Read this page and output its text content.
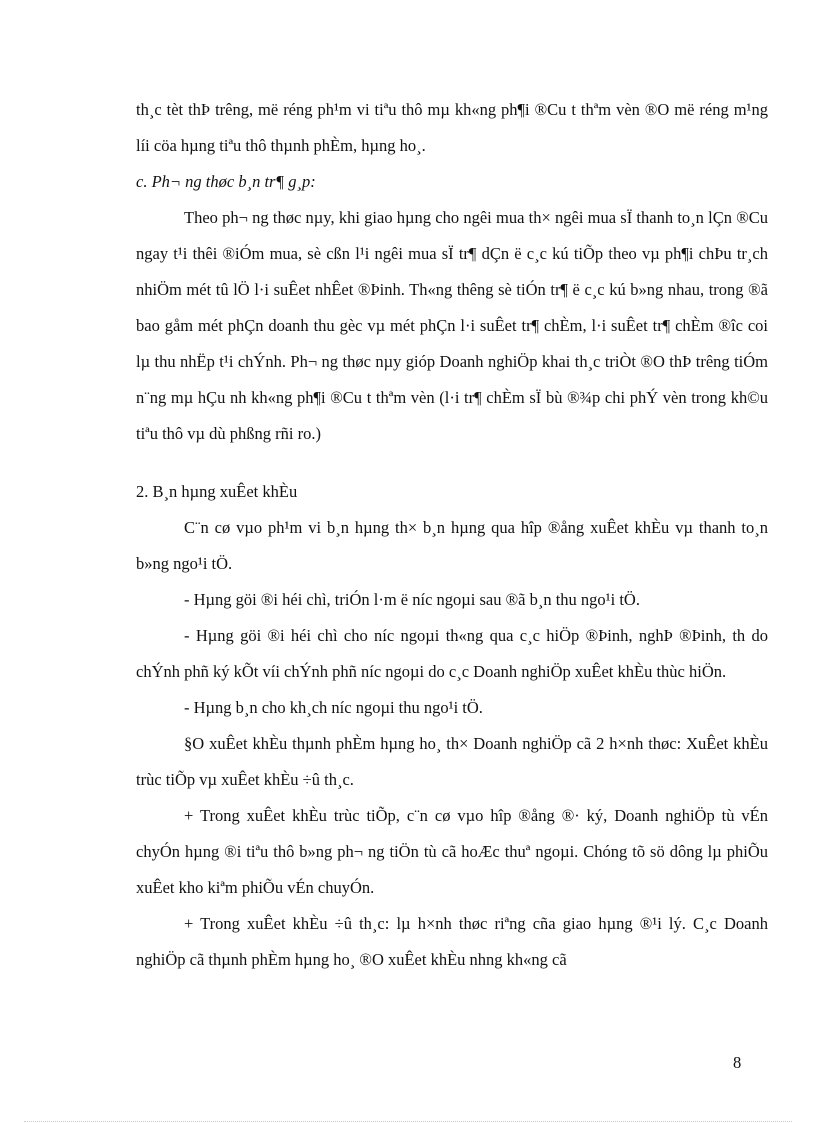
th¸c tèt thÞ trêng, më réng ph¹m vi tiªu thô mµ kh«ng ph¶i ®Cu t thªm vèn ®O më réng m¹ng líi cöa hµng tiªu thô thµnh phÈm, hµng ho¸.

c. Ph¬ ng thøc b¸n tr¶ g¸p:

Theo ph¬ ng thøc nµy, khi giao hµng cho ngêi mua th× ngêi mua sÏ thanh to¸n lÇn ®Cu ngay t¹i thêi ®iÓm mua, sè cßn l¹i ngêi mua sÏ tr¶ dÇn ë c¸c kú tiÕp theo vµ ph¶i chÞu tr¸ch nhiÖm mét tû lÖ l·i suÊet nhÊet ®Þinh. Th«ng thêng sè tiÓn tr¶ ë c¸c kú b»ng nhau, trong ®ã bao gåm mét phÇn doanh thu gèc vµ mét phÇn l·i suÊet tr¶ chÈm, l·i suÊet tr¶ chÈm ®îc coi lµ thu nhËp t¹i chÝnh. Ph¬ ng thøc nµy gióp Doanh nghiÖp khai th¸c triÒt ®O thÞ trêng tiÓm n¨ng mµ hÇu nh kh«ng ph¶i ®Cu t thªm vèn (l·i tr¶ chÈm sÏ bù ®¾p chi phÝ vèn trong kh©u tiªu thô vµ dù phßng rñi ro.)

2. B¸n hµng xuÊet khÈu

C¨n cø vµo ph¹m vi b¸n hµng th× b¸n hµng qua hîp ®ång xuÊet khÈu vµ thanh to¸n b»ng ngo¹i tÖ.

- Hµng göi ®i héi chì, triÓn l·m ë níc ngoµi sau ®ã b¸n thu ngo¹i tÖ.

- Hµng göi ®i héi chì cho níc ngoµi th«ng qua c¸c hiÖp ®Þinh, nghÞ ®Þinh, th do chÝnh phñ ký kÕt víi chÝnh phñ níc ngoµi do c¸c Doanh nghiÖp xuÊet khÈu thùc hiÖn.

- Hµng b¸n cho kh¸ch níc ngoµi thu ngo¹i tÖ.

§O xuÊet khÈu thµnh phÈm hµng ho¸ th× Doanh nghiÖp cã 2 h×nh thøc: XuÊet khÈu trùc tiÕp vµ xuÊet khÈu ÷û th¸c.

+ Trong xuÊet khÈu trùc tiÕp, c¨n cø vµo hîp ®ång ®· ký, Doanh nghiÖp tù vÉn chyÓn hµng ®i tiªu thô b»ng ph¬ ng tiÖn tù cã hoÆc thuª ngoµi. Chóng tõ sö dông lµ phiÕu xuÊet kho kiªm phiÕu vÉn chuyÓn.

+ Trong xuÊet khÈu ÷û th¸c: lµ h×nh thøc riªng cña giao hµng ®¹i lý. C¸c Doanh nghiÖp cã thµnh phÈm hµng ho¸ ®O xuÊet khÈu nhng kh«ng cã

8
